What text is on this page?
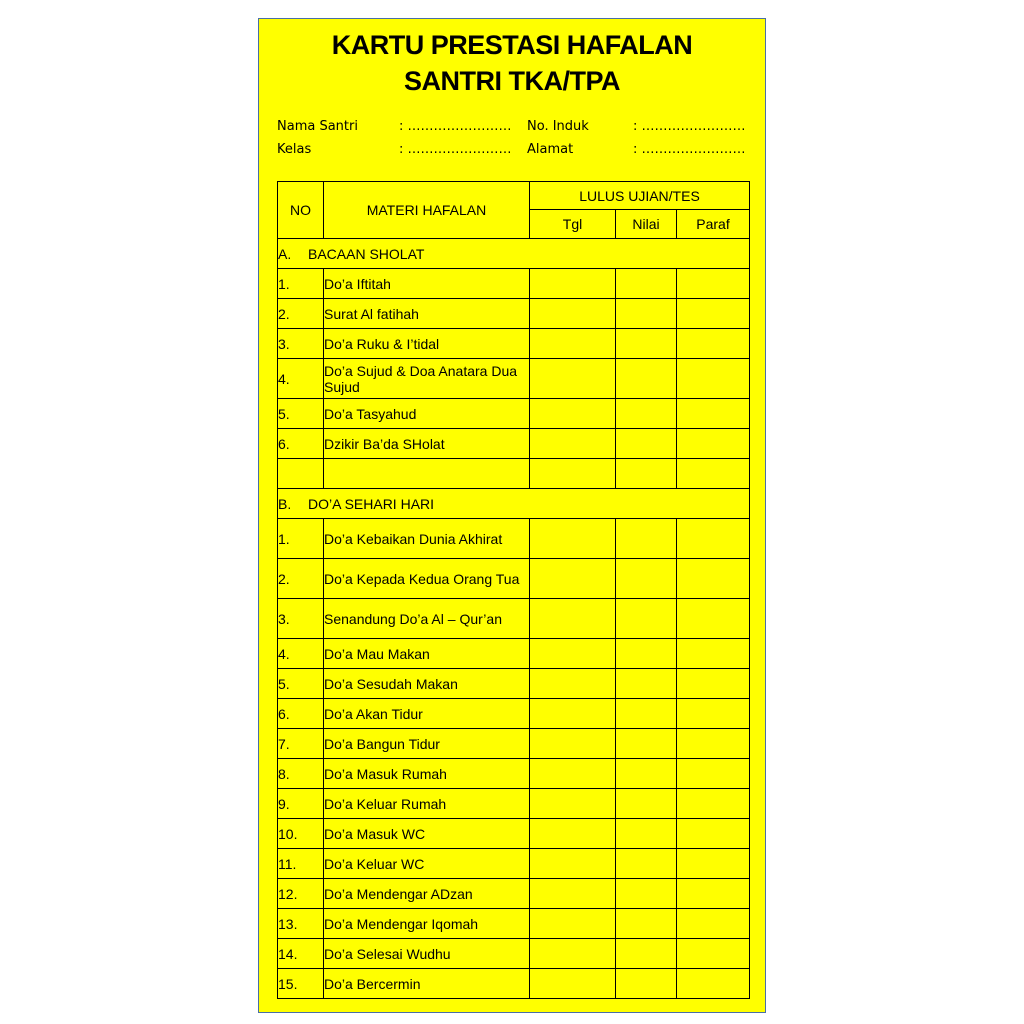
KARTU PRESTASI HAFALAN
SANTRI TKA/TPA
Nama Santri	: …………………… No. Induk	: ……………………
Kelas	: …………………… Alamat	: ……………………
NO	MATERI HAFALAN	LULUS UJIAN/TES		
		Tgl	Nilai	Paraf
A. BACAAN SHOLAT				
1.	Do’a Iftitah			
2.	Surat Al fatihah			
3.	Do’a Ruku & I’tidal			
4.	Do’a Sujud & Doa Anatara Dua Sujud			
5.	Do’a Tasyahud			
6.	Dzikir Ba’da SHolat			

B. DO’A SEHARI HARI				
1.	Do’a Kebaikan Dunia Akhirat			
2.	Do’a Kepada Kedua Orang Tua			
3.	Senandung Do’a Al – Qur’an			
4.	Do’a Mau Makan			
5.	Do’a Sesudah Makan			
6.	Do’a Akan Tidur			
7.	Do’a Bangun Tidur			
8.	Do’a Masuk Rumah			
9.	Do’a Keluar Rumah			
10.	Do’a Masuk WC			
11.	Do’a Keluar WC			
12.	Do’a Mendengar ADzan			
13.	Do’a Mendengar Iqomah			
14.	Do’a Selesai Wudhu			
15.	Do’a Bercermin			
